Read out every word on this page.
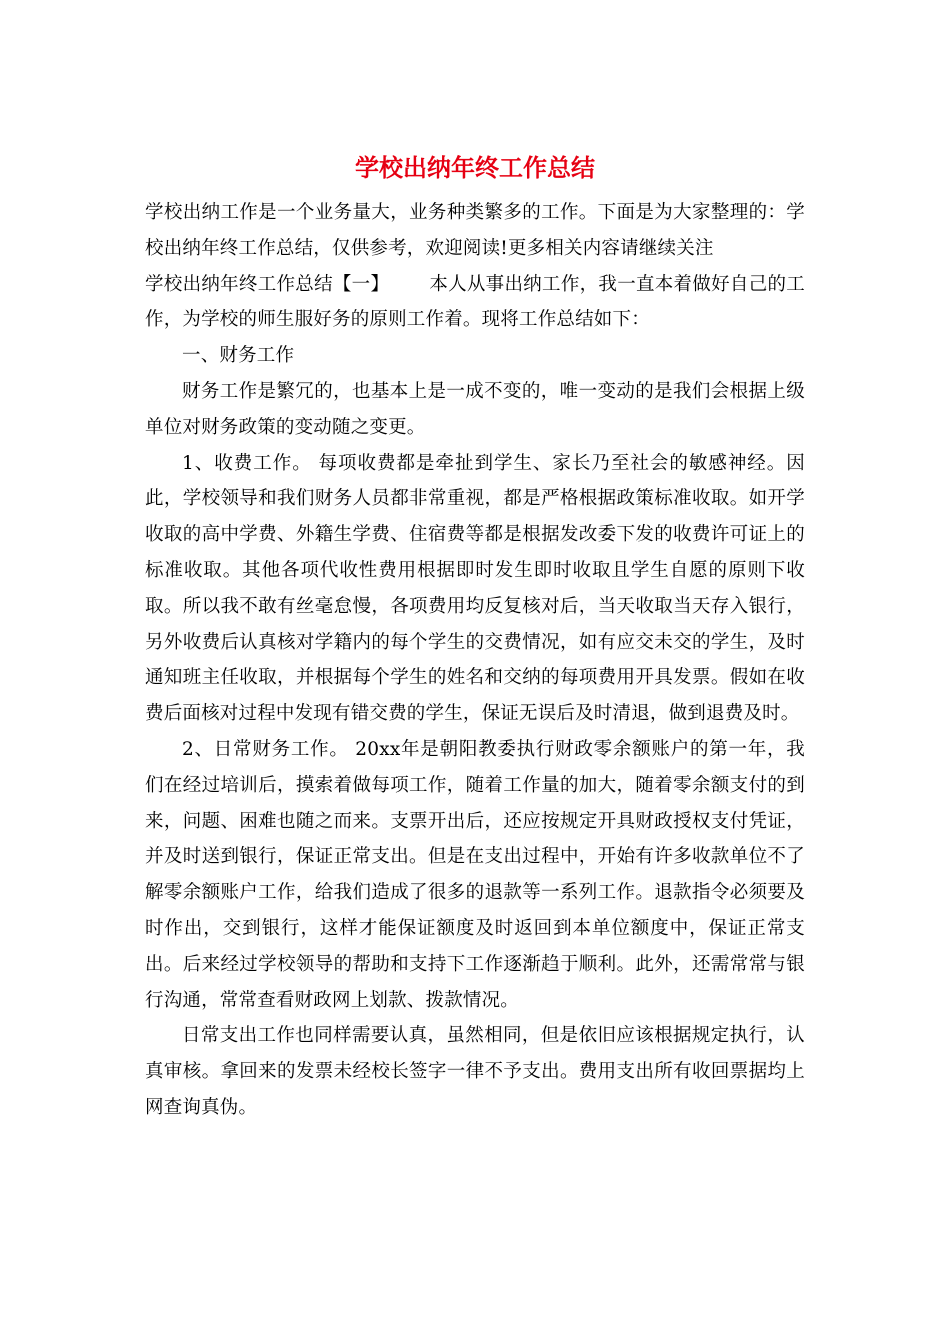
学校出纳年终工作总结

学校出纳工作是一个业务量大，业务种类繁多的工作。下面是为大家整理的：学校出纳年终工作总结，仅供参考，欢迎阅读!更多相关内容请继续关注

学校出纳年终工作总结【一】 本人从事出纳工作，我一直本着做好自己的工作，为学校的师生服好务的原则工作着。现将工作总结如下：

一、财务工作

财务工作是繁冗的，也基本上是一成不变的，唯一变动的是我们会根据上级单位对财务政策的变动随之变更。

1、收费工作。 每项收费都是牵扯到学生、家长乃至社会的敏感神经。因此，学校领导和我们财务人员都非常重视，都是严格根据政策标准收取。如开学收取的高中学费、外籍生学费、住宿费等都是根据发改委下发的收费许可证上的标准收取。其他各项代收性费用根据即时发生即时收取且学生自愿的原则下收取。所以我不敢有丝毫怠慢，各项费用均反复核对后，当天收取当天存入银行，另外收费后认真核对学籍内的每个学生的交费情况，如有应交未交的学生，及时通知班主任收取，并根据每个学生的姓名和交纳的每项费用开具发票。假如在收费后面核对过程中发现有错交费的学生，保证无误后及时清退，做到退费及时。

2、日常财务工作。 20xx年是朝阳教委执行财政零余额账户的第一年，我们在经过培训后，摸索着做每项工作，随着工作量的加大，随着零余额支付的到来，问题、困难也随之而来。支票开出后，还应按规定开具财政授权支付凭证，并及时送到银行，保证正常支出。但是在支出过程中，开始有许多收款单位不了解零余额账户工作，给我们造成了很多的退款等一系列工作。退款指令必须要及时作出，交到银行，这样才能保证额度及时返回到本单位额度中，保证正常支出。后来经过学校领导的帮助和支持下工作逐渐趋于顺利。此外，还需常常与银行沟通，常常查看财政网上划款、拨款情况。

日常支出工作也同样需要认真，虽然相同，但是依旧应该根据规定执行，认真审核。拿回来的发票未经校长签字一律不予支出。费用支出所有收回票据均上网查询真伪。
